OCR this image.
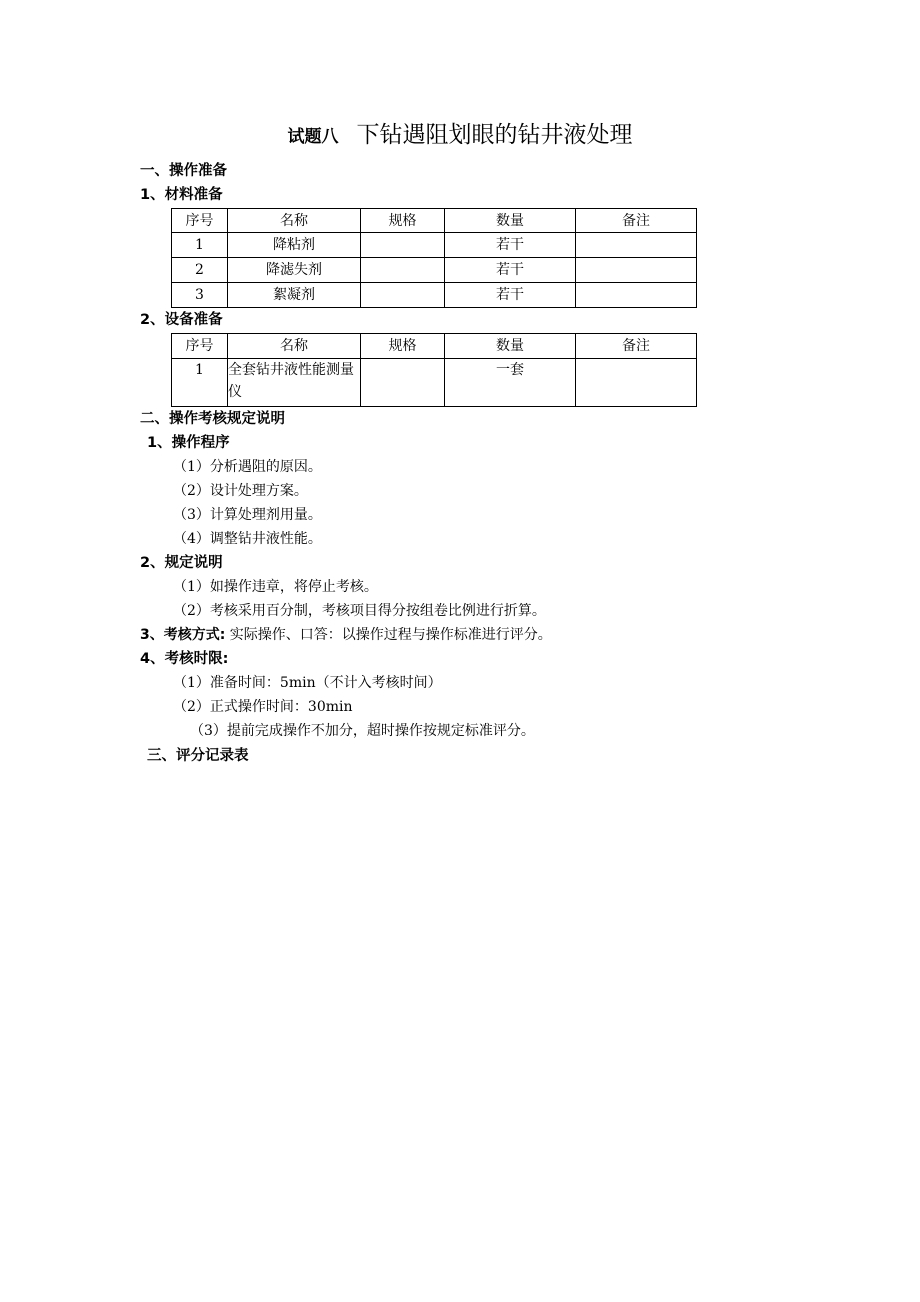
试题八 下钻遇阻划眼的钻井液处理
一、操作准备
1、材料准备
序号	名称	规格	数量	备注
1	降粘剂		若干	
2	降滤失剂		若干	
3	絮凝剂		若干	
2、设备准备
序号	名称	规格	数量	备注
1	全套钻井液性能测量仪		一套	
二、操作考核规定说明
1、操作程序
（1）分析遇阻的原因。
（2）设计处理方案。
（3）计算处理剂用量。
（4）调整钻井液性能。
2、规定说明
（1）如操作违章，将停止考核。
（2）考核采用百分制，考核项目得分按组卷比例进行折算。
3、考核方式: 实际操作、口答：以操作过程与操作标准进行评分。
4、考核时限:
（1）准备时间：5min（不计入考核时间）
（2）正式操作时间：30min
（3）提前完成操作不加分，超时操作按规定标准评分。
三、评分记录表
